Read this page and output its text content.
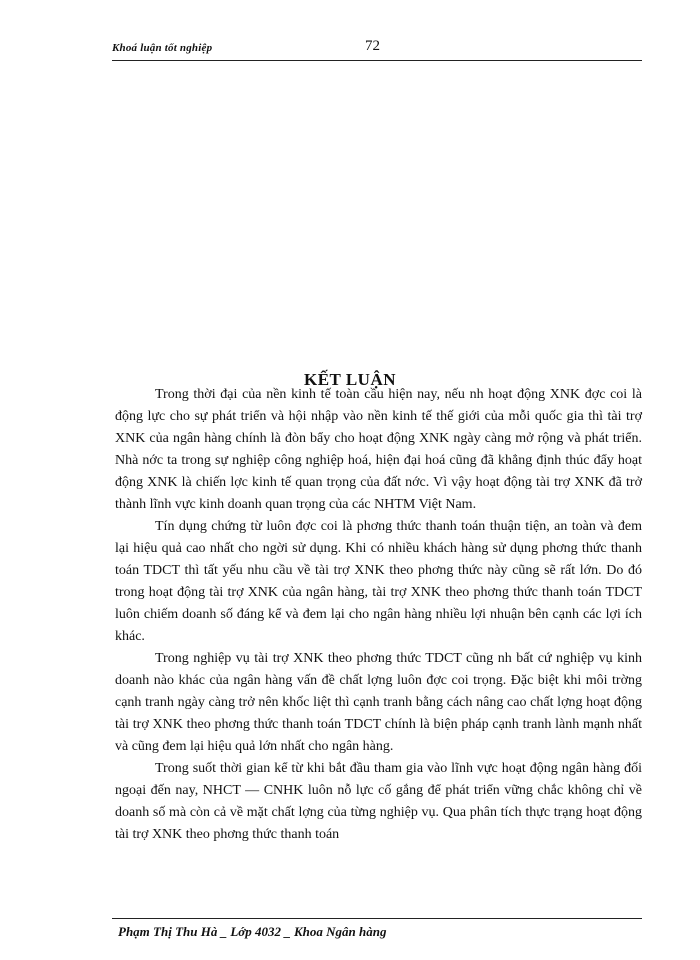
Khoá luận tốt nghiệp	72
KẾT LUẬN

Trong thời đại của nền kinh tế toàn cầu hiện nay, nếu nh hoạt động XNK đợc coi là động lực cho sự phát triển và hội nhập vào nền kinh tế thế giới của mỗi quốc gia thì tài trợ XNK của ngân hàng chính là đòn bẩy cho hoạt động XNK ngày càng mở rộng và phát triển. Nhà nớc ta trong sự nghiệp công nghiệp hoá, hiện đại hoá cũng đã khẳng định thúc đẩy hoạt động XNK là chiến lợc kinh tế quan trọng của đất nớc. Vì vậy hoạt động tài trợ XNK đã trở thành lĩnh vực kinh doanh quan trọng của các NHTM Việt Nam.

Tín dụng chứng từ luôn đợc coi là phơng thức thanh toán thuận tiện, an toàn và đem lại hiệu quả cao nhất cho ngời sử dụng. Khi có nhiều khách hàng sử dụng phơng thức thanh toán TDCT thì tất yếu nhu cầu về tài trợ XNK theo phơng thức này cũng sẽ rất lớn. Do đó trong hoạt động tài trợ XNK của ngân hàng, tài trợ XNK theo phơng thức thanh toán TDCT luôn chiếm doanh số đáng kể và đem lại cho ngân hàng nhiều lợi nhuận bên cạnh các lợi ích khác.

Trong nghiệp vụ tài trợ XNK theo phơng thức TDCT cũng nh bất cứ nghiệp vụ kinh doanh nào khác của ngân hàng vấn đề chất lợng luôn đợc coi trọng. Đặc biệt khi môi trờng cạnh tranh ngày càng trở nên khốc liệt thì cạnh tranh bằng cách nâng cao chất lợng hoạt động tài trợ XNK theo phơng thức thanh toán TDCT chính là biện pháp cạnh tranh lành mạnh nhất và cũng đem lại hiệu quả lớn nhất cho ngân hàng.

Trong suốt thời gian kể từ khi bắt đầu tham gia vào lĩnh vực hoạt động ngân hàng đối ngoại đến nay, NHCT — CNHK luôn nỗ lực cố gắng để phát triển vững chắc không chỉ về doanh số mà còn cả về mặt chất lợng của từng nghiệp vụ. Qua phân tích thực trạng hoạt động tài trợ XNK theo phơng thức thanh toán

Phạm Thị Thu Hà _ Lớp 4032 _ Khoa Ngân hàng
